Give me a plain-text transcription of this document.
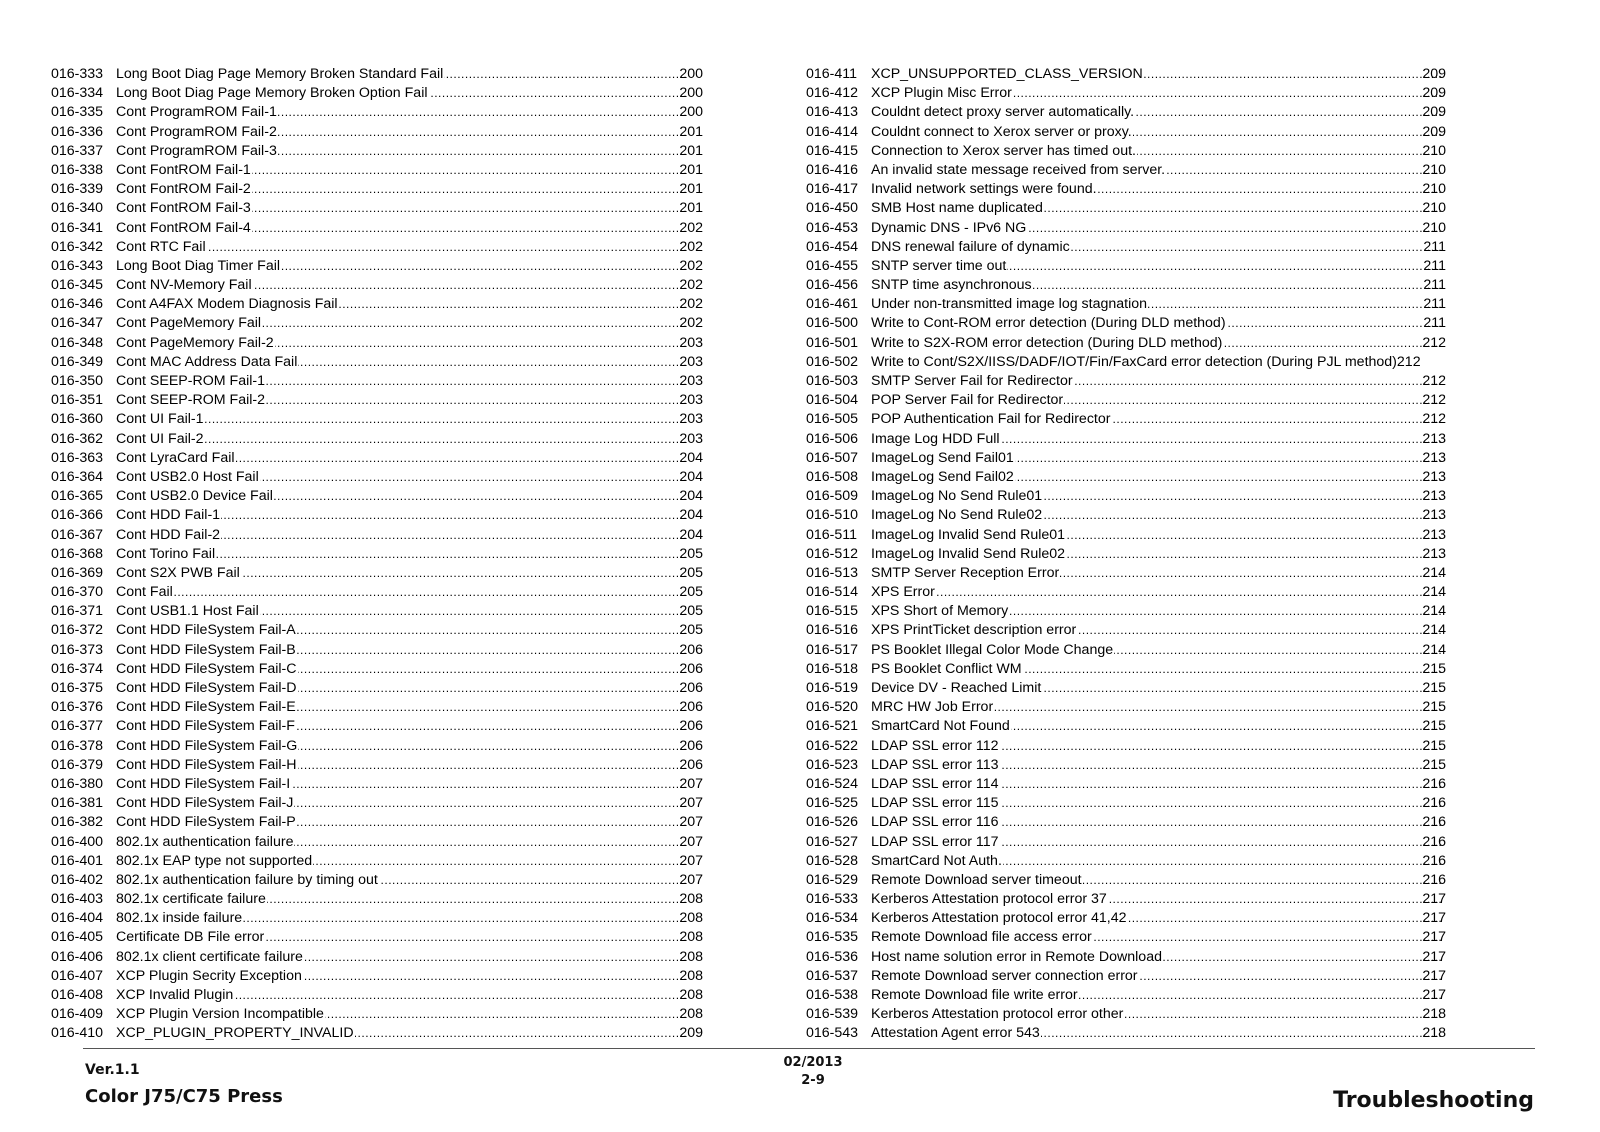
016-333 Long Boot Diag Page Memory Broken Standard Fail .....	200
016-334 Long Boot Diag Page Memory Broken Option Fail .....	200
016-335 Cont ProgramROM Fail-1 .....	200
016-336 Cont ProgramROM Fail-2 .....	201
016-337 Cont ProgramROM Fail-3 .....	201
016-338 Cont FontROM Fail-1 .....	201
016-339 Cont FontROM Fail-2 .....	201
016-340 Cont FontROM Fail-3 .....	201
016-341 Cont FontROM Fail-4 .....	202
016-342 Cont RTC Fail .....	202
016-343 Long Boot Diag Timer Fail .....	202
016-345 Cont NV-Memory Fail .....	202
016-346 Cont A4FAX Modem Diagnosis Fail .....	202
016-347 Cont PageMemory Fail .....	202
016-348 Cont PageMemory Fail-2 .....	203
016-349 Cont MAC Address Data Fail .....	203
016-350 Cont SEEP-ROM Fail-1 .....	203
016-351 Cont SEEP-ROM Fail-2 .....	203
016-360 Cont UI Fail-1 .....	203
016-362 Cont UI Fail-2 .....	203
016-363 Cont LyraCard Fail .....	204
016-364 Cont USB2.0 Host Fail .....	204
016-365 Cont USB2.0 Device Fail .....	204
016-366 Cont HDD Fail-1 .....	204
016-367 Cont HDD Fail-2 .....	204
016-368 Cont Torino Fail .....	205
016-369 Cont S2X PWB Fail .....	205
016-370 Cont Fail .....	205
016-371 Cont USB1.1 Host Fail .....	205
016-372 Cont HDD FileSystem Fail-A .....	205
016-373 Cont HDD FileSystem Fail-B .....	206
016-374 Cont HDD FileSystem Fail-C .....	206
016-375 Cont HDD FileSystem Fail-D .....	206
016-376 Cont HDD FileSystem Fail-E .....	206
016-377 Cont HDD FileSystem Fail-F .....	206
016-378 Cont HDD FileSystem Fail-G .....	206
016-379 Cont HDD FileSystem Fail-H .....	206
016-380 Cont HDD FileSystem Fail-I .....	207
016-381 Cont HDD FileSystem Fail-J .....	207
016-382 Cont HDD FileSystem Fail-P .....	207
016-400 802.1x authentication failure .....	207
016-401 802.1x EAP type not supported .....	207
016-402 802.1x authentication failure by timing out .....	207
016-403 802.1x certificate failure .....	208
016-404 802.1x inside failure .....	208
016-405 Certificate DB File error .....	208
016-406 802.1x client certificate failure .....	208
016-407 XCP Plugin Secrity Exception .....	208
016-408 XCP Invalid Plugin .....	208
016-409 XCP Plugin Version Incompatible .....	208
016-410 XCP_PLUGIN_PROPERTY_INVALID .....	209
016-411 XCP_UNSUPPORTED_CLASS_VERSION .....	209
016-412 XCP Plugin Misc Error .....	209
016-413 Couldnt detect proxy server automatically. .....	209
016-414 Couldnt connect to Xerox server or proxy. .....	209
016-415 Connection to Xerox server has timed out. .....	210
016-416 An invalid state message received from server. .....	210
016-417 Invalid network settings were found. .....	210
016-450 SMB Host name duplicated .....	210
016-453 Dynamic DNS - IPv6 NG .....	210
016-454 DNS renewal failure of dynamic .....	211
016-455 SNTP server time out .....	211
016-456 SNTP time asynchronous .....	211
016-461 Under non-transmitted image log stagnation .....	211
016-500 Write to Cont-ROM error detection (During DLD method) .....	211
016-501 Write to S2X-ROM error detection (During DLD method) .....	212
016-502 Write to Cont/S2X/IISS/DADF/IOT/Fin/FaxCard error detection (During PJL method)212
016-503 SMTP Server Fail for Redirector .....	212
016-504 POP Server Fail for Redirector .....	212
016-505 POP Authentication Fail for Redirector .....	212
016-506 Image Log HDD Full .....	213
016-507 ImageLog Send Fail01 .....	213
016-508 ImageLog Send Fail02 .....	213
016-509 ImageLog No Send Rule01 .....	213
016-510 ImageLog No Send Rule02 .....	213
016-511 ImageLog Invalid Send Rule01 .....	213
016-512 ImageLog Invalid Send Rule02 .....	213
016-513 SMTP Server Reception Error .....	214
016-514 XPS Error .....	214
016-515 XPS Short of Memory .....	214
016-516 XPS PrintTicket description error .....	214
016-517 PS Booklet Illegal Color Mode Change .....	214
016-518 PS Booklet Conflict WM .....	215
016-519 Device DV - Reached Limit .....	215
016-520 MRC HW Job Error .....	215
016-521 SmartCard Not Found .....	215
016-522 LDAP SSL error 112 .....	215
016-523 LDAP SSL error 113 .....	215
016-524 LDAP SSL error 114 .....	216
016-525 LDAP SSL error 115 .....	216
016-526 LDAP SSL error 116 .....	216
016-527 LDAP SSL error 117 .....	216
016-528 SmartCard Not Auth. .....	216
016-529 Remote Download server timeout .....	216
016-533 Kerberos Attestation protocol error 37 .....	217
016-534 Kerberos Attestation protocol error 41,42 .....	217
016-535 Remote Download file access error .....	217
016-536 Host name solution error in Remote Download .....	217
016-537 Remote Download server connection error .....	217
016-538 Remote Download file write error .....	217
016-539 Kerberos Attestation protocol error other .....	218
016-543 Attestation Agent error 543 .....	218
Ver.1.1
Color J75/C75 Press
02/2013
2-9
Troubleshooting
